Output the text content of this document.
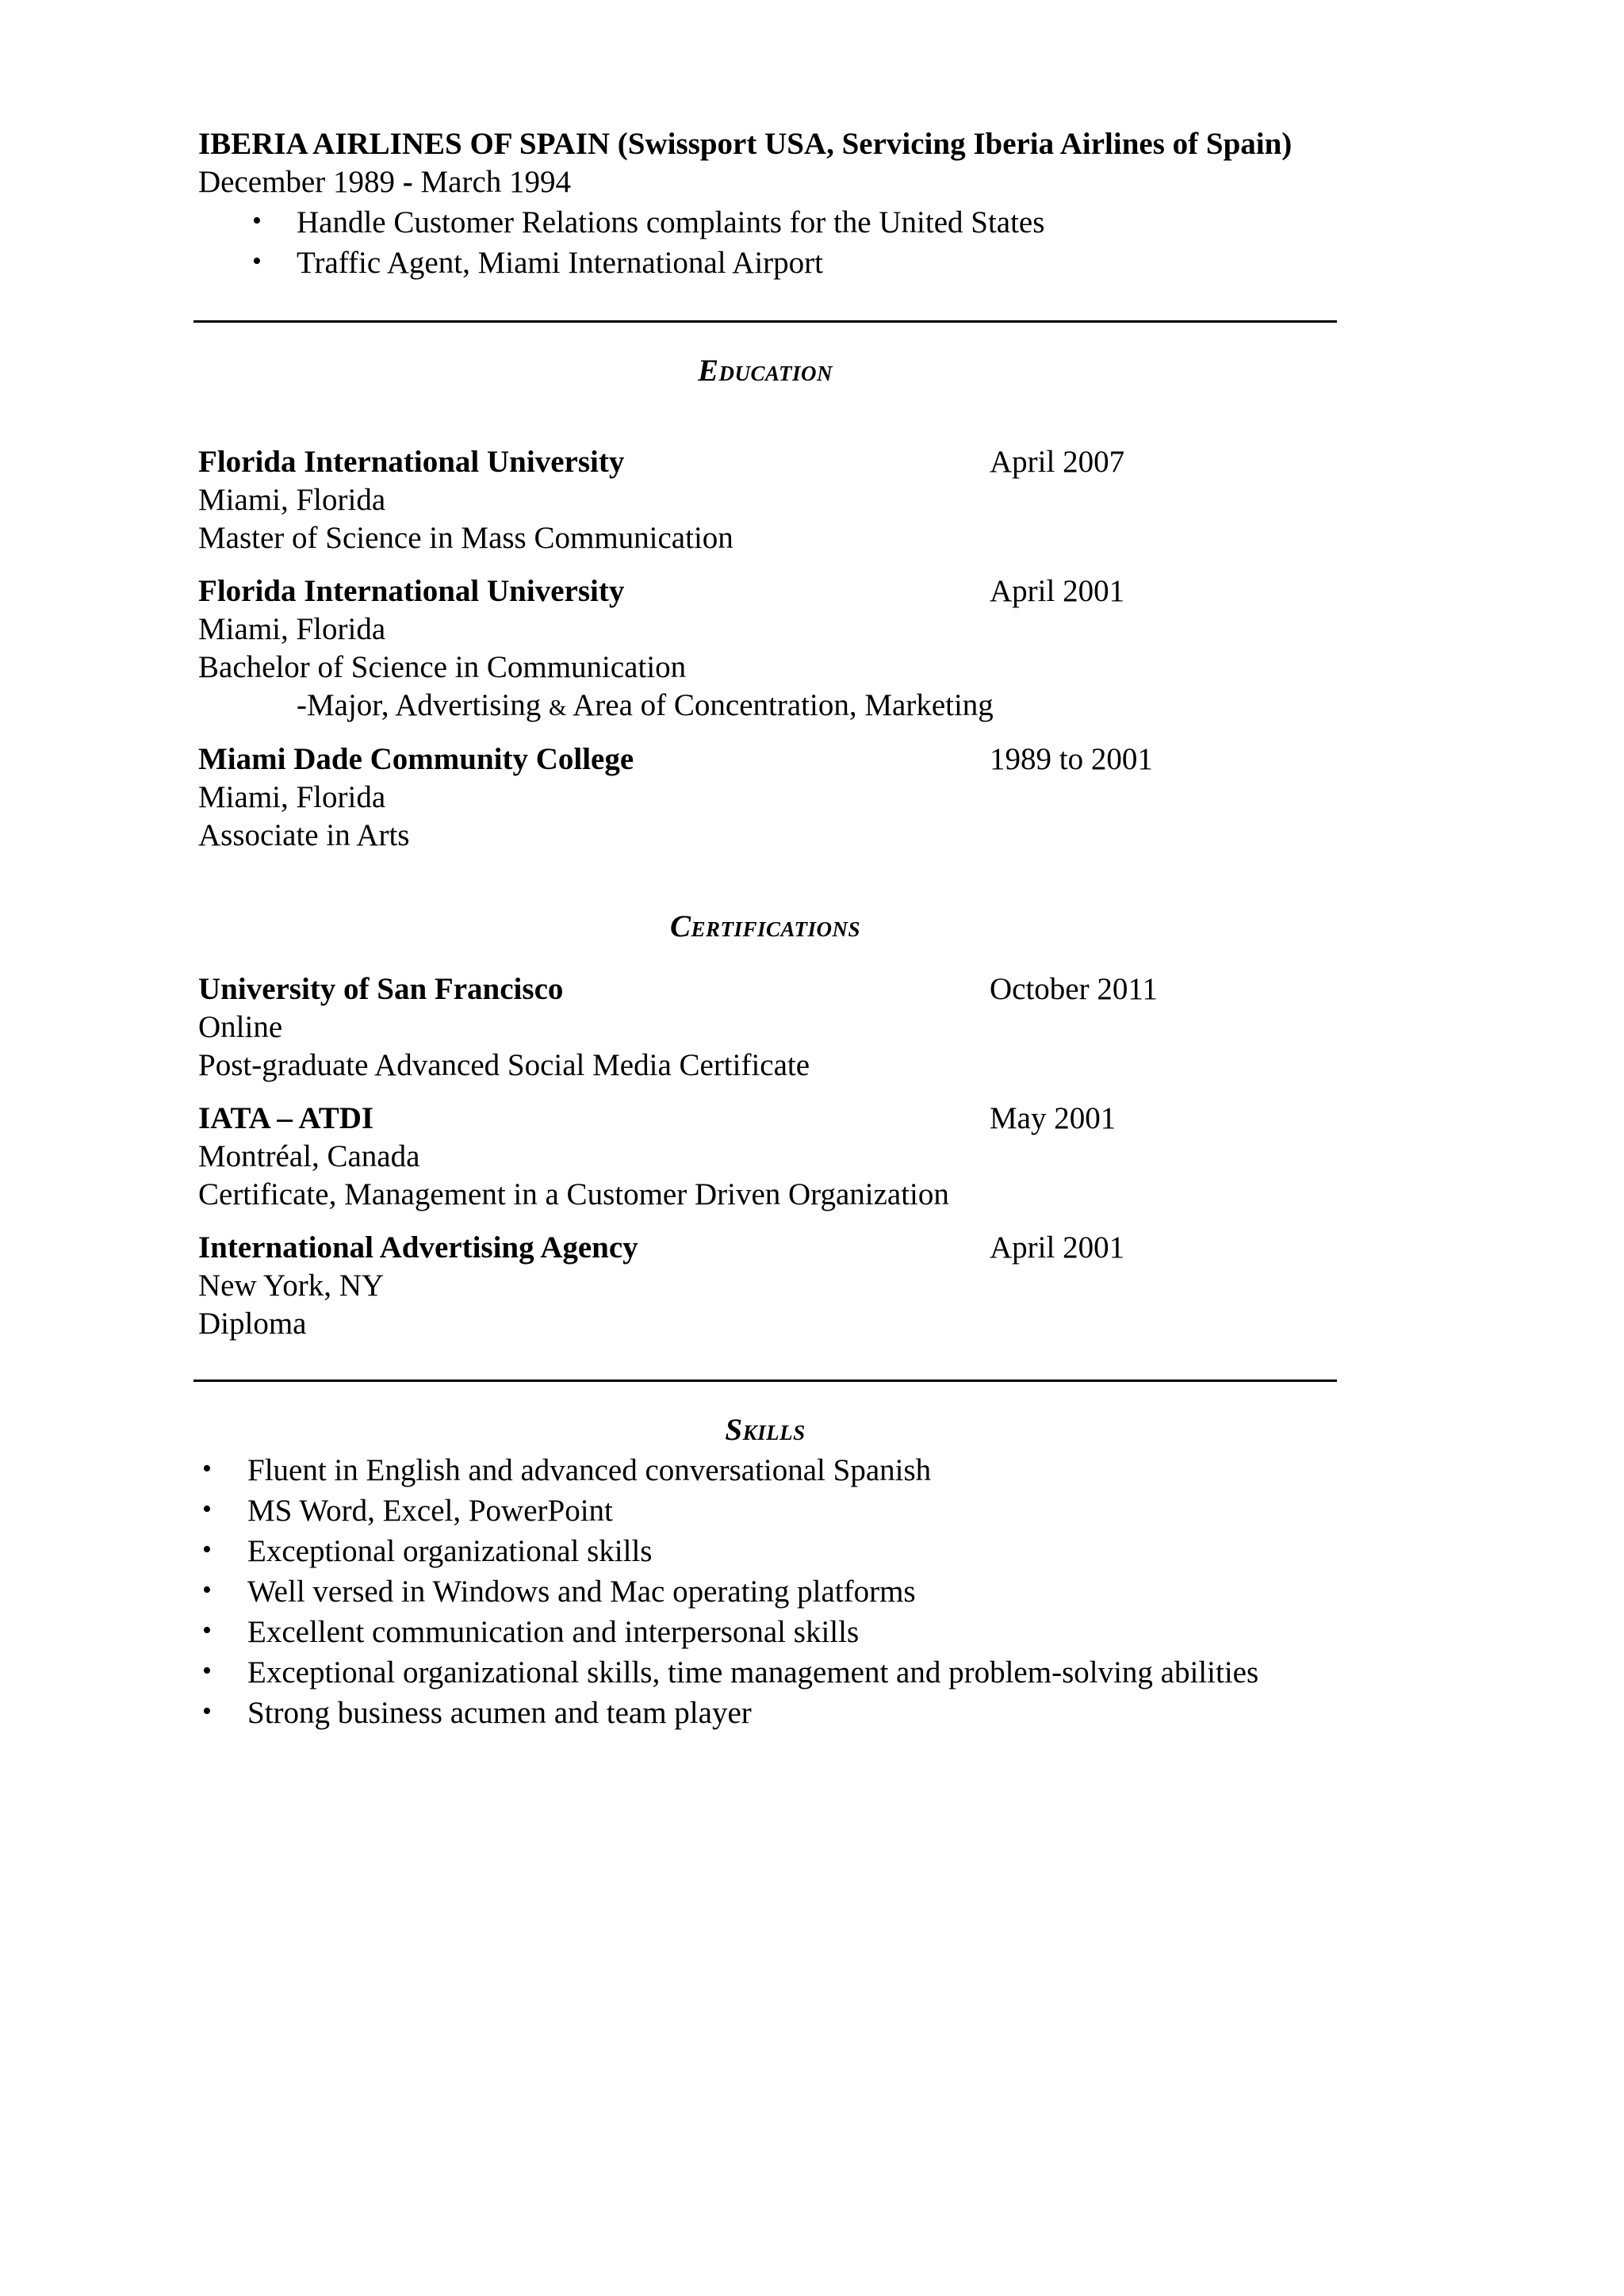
IBERIA AIRLINES OF SPAIN (Swissport USA, Servicing Iberia Airlines of Spain)
December 1989 - March 1994
• Handle Customer Relations complaints for the United States
• Traffic Agent, Miami International Airport
Education
Florida International University	April 2007
Miami, Florida
Master of Science in Mass Communication
Florida International University	April 2001
Miami, Florida
Bachelor of Science in Communication
-Major, Advertising & Area of Concentration, Marketing
Miami Dade Community College	1989 to 2001
Miami, Florida
Associate in Arts
Certifications
University of San Francisco	October 2011
Online
Post-graduate Advanced Social Media Certificate
IATA – ATDI	May 2001
Montréal, Canada
Certificate, Management in a Customer Driven Organization
International Advertising Agency	April 2001
New York, NY
Diploma
Skills
• Fluent in English and advanced conversational Spanish
• MS Word, Excel, PowerPoint
• Exceptional organizational skills
• Well versed in Windows and Mac operating platforms
• Excellent communication and interpersonal skills
• Exceptional organizational skills, time management and problem-solving abilities
• Strong business acumen and team player
